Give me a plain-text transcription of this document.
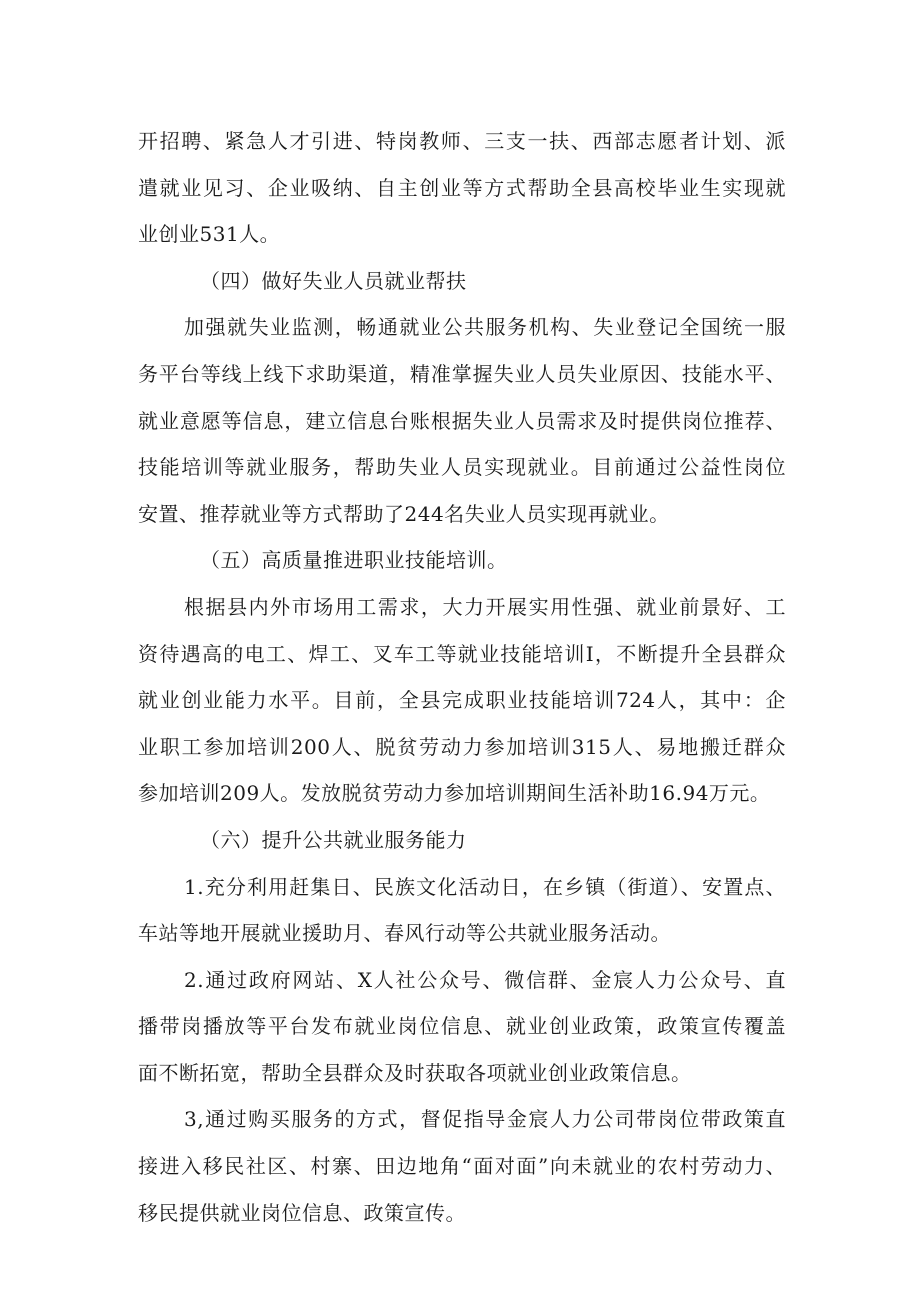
开招聘、紧急人才引进、特岗教师、三支一扶、西部志愿者计划、派
遣就业见习、企业吸纳、自主创业等方式帮助全县高校毕业生实现就
业创业531人。
（四）做好失业人员就业帮扶
加强就失业监测，畅通就业公共服务机构、失业登记全国统一服
务平台等线上线下求助渠道，精准掌握失业人员失业原因、技能水平、
就业意愿等信息，建立信息台账根据失业人员需求及时提供岗位推荐、
技能培训等就业服务，帮助失业人员实现就业。目前通过公益性岗位
安置、推荐就业等方式帮助了244名失业人员实现再就业。
（五）高质量推进职业技能培训。
根据县内外市场用工需求，大力开展实用性强、就业前景好、工
资待遇高的电工、焊工、叉车工等就业技能培训I，不断提升全县群众
就业创业能力水平。目前，全县完成职业技能培训724人，其中：企
业职工参加培训200人、脱贫劳动力参加培训315人、易地搬迁群众
参加培训209人。发放脱贫劳动力参加培训期间生活补助16.94万元。
（六）提升公共就业服务能力
1.充分利用赶集日、民族文化活动日，在乡镇（街道）、安置点、
车站等地开展就业援助月、春风行动等公共就业服务活动。
2.通过政府网站、X人社公众号、微信群、金宸人力公众号、直
播带岗播放等平台发布就业岗位信息、就业创业政策，政策宣传覆盖
面不断拓宽，帮助全县群众及时获取各项就业创业政策信息。
3,通过购买服务的方式，督促指导金宸人力公司带岗位带政策直
接进入移民社区、村寨、田边地角“面对面”向未就业的农村劳动力、
移民提供就业岗位信息、政策宣传。
